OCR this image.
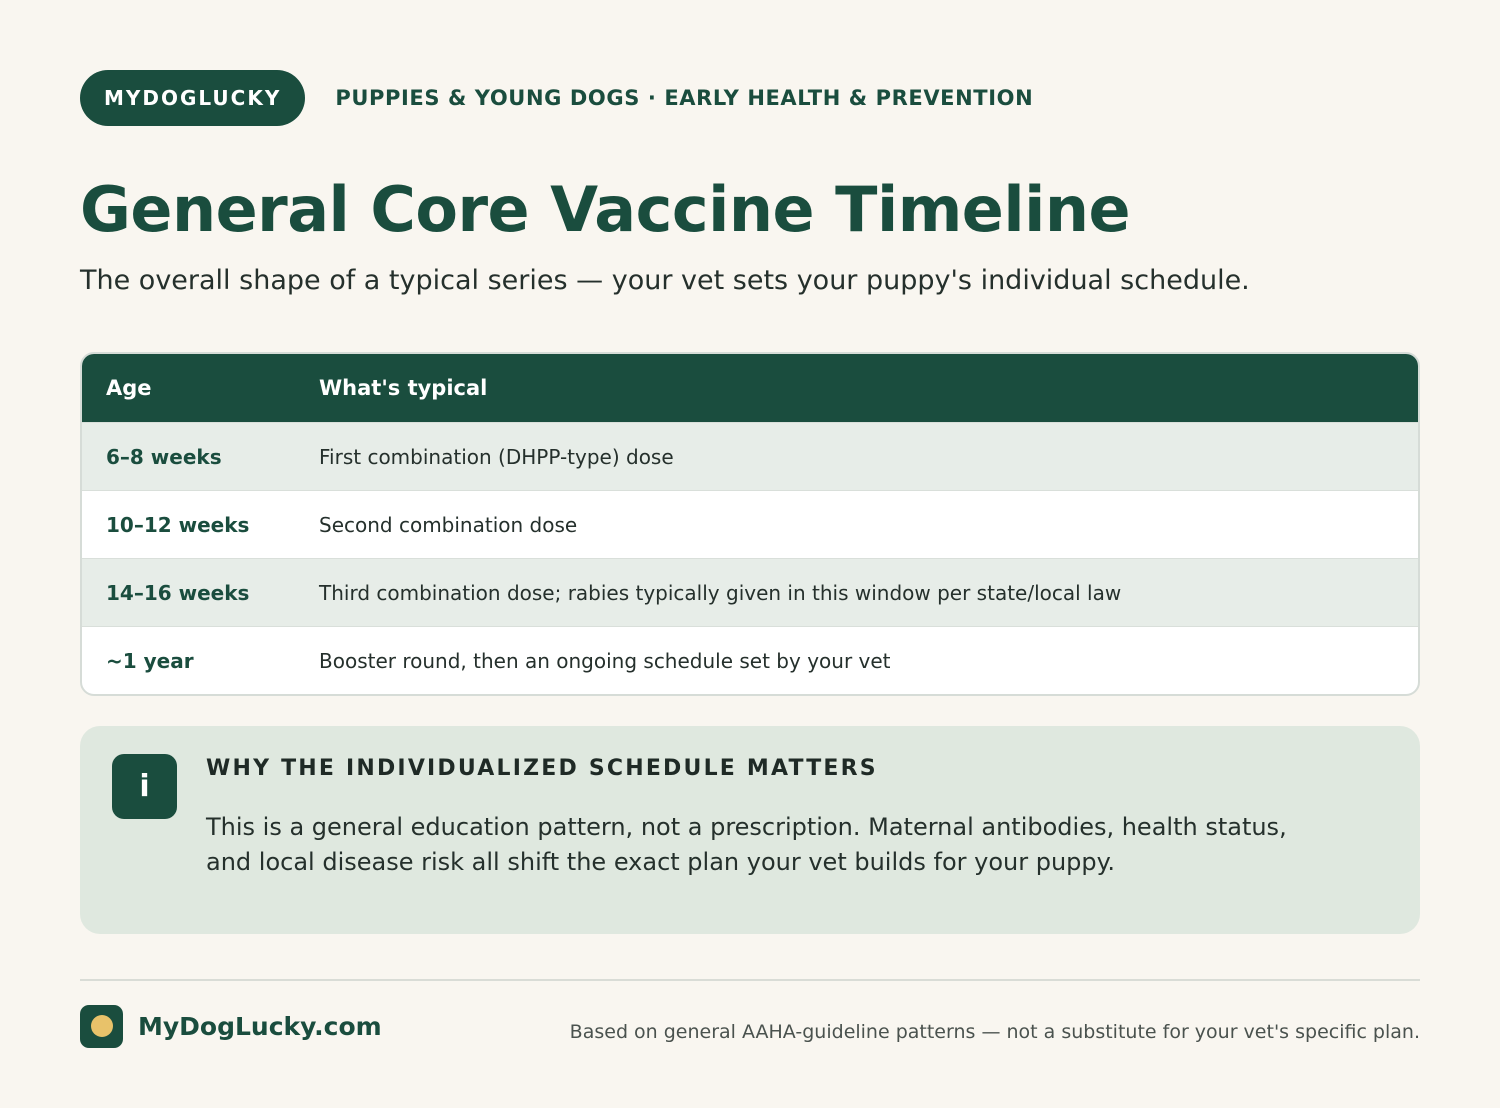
MYDOGLUCKY	PUPPIES & YOUNG DOGS · EARLY HEALTH & PREVENTION
General Core Vaccine Timeline
The overall shape of a typical series — your vet sets your puppy's individual schedule.
Age	What's typical
6–8 weeks	First combination (DHPP-type) dose
10–12 weeks	Second combination dose
14–16 weeks	Third combination dose; rabies typically given in this window per state/local law
~1 year	Booster round, then an ongoing schedule set by your vet
i
WHY THE INDIVIDUALIZED SCHEDULE MATTERS
This is a general education pattern, not a prescription. Maternal antibodies, health status, and local disease risk all shift the exact plan your vet builds for your puppy.
MyDogLucky.com	Based on general AAHA-guideline patterns — not a substitute for your vet's specific plan.
